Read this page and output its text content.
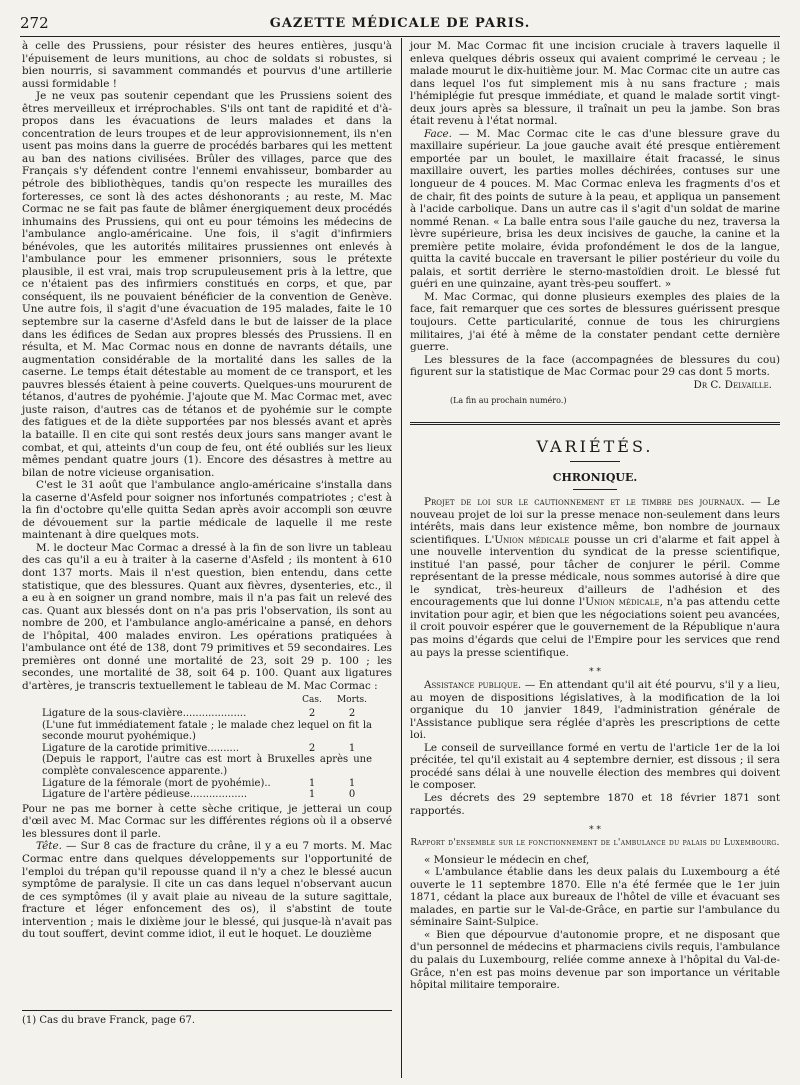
272	GAZETTE MÉDICALE DE PARIS.

à celle des Prussiens, pour résister des heures entières, jusqu'à l'épuisement de leurs munitions, au choc de soldats si robustes, si bien nourris, si savamment commandés et pourvus d'une artillerie aussi formidable !

Je ne veux pas soutenir cependant que les Prussiens soient des êtres merveilleux et irréprochables. S'ils ont tant de rapidité et d'à-propos dans les évacuations de leurs malades et dans la concentration de leurs troupes et de leur approvisionnement, ils n'en usent pas moins dans la guerre de procédés barbares qui les mettent au ban des nations civilisées. Brûler des villages, parce que des Français s'y défendent contre l'ennemi envahisseur, bombarder au pétrole des bibliothèques, tandis qu'on respecte les murailles des forteresses, ce sont là des actes déshonorants ; au reste, M. Mac Cormac ne se fait pas faute de blâmer énergiquement deux procédés inhumains des Prussiens, qui ont eu pour témoins les médecins de l'ambulance anglo-américaine. Une fois, il s'agit d'infirmiers bénévoles, que les autorités militaires prussiennes ont enlevés à l'ambulance pour les emmener prisonniers, sous le prétexte plausible, il est vrai, mais trop scrupuleusement pris à la lettre, que ce n'étaient pas des infirmiers constitués en corps, et que, par conséquent, ils ne pouvaient bénéficier de la convention de Genève. Une autre fois, il s'agit d'une évacuation de 195 malades, faite le 10 septembre sur la caserne d'Asfeld dans le but de laisser de la place dans les édifices de Sedan aux propres blessés des Prussiens. Il en résulta, et M. Mac Cormac nous en donne de navrants détails, une augmentation considérable de la mortalité dans les salles de la caserne. Le temps était détestable au moment de ce transport, et les pauvres blessés étaient à peine couverts. Quelques-uns moururent de tétanos, d'autres de pyohémie. J'ajoute que M. Mac Cormac met, avec juste raison, d'autres cas de tétanos et de pyohémie sur le compte des fatigues et de la diète supportées par nos blessés avant et après la bataille. Il en cite qui sont restés deux jours sans manger avant le combat, et qui, atteints d'un coup de feu, ont été oubliés sur les lieux mêmes pendant quatre jours (1). Encore des désastres à mettre au bilan de notre vicieuse organisation.

C'est le 31 août que l'ambulance anglo-américaine s'installa dans la caserne d'Asfeld pour soigner nos infortunés compatriotes ; c'est à la fin d'octobre qu'elle quitta Sedan après avoir accompli son œuvre de dévouement sur la partie médicale de laquelle il me reste maintenant à dire quelques mots.

M. le docteur Mac Cormac a dressé à la fin de son livre un tableau des cas qu'il a eu à traiter à la caserne d'Asfeld ; ils montent à 610 dont 137 morts. Mais il n'est question, bien entendu, dans cette statistique, que des blessures. Quant aux fièvres, dysenteries, etc., il a eu à en soigner un grand nombre, mais il n'a pas fait un relevé des cas. Quant aux blessés dont on n'a pas pris l'observation, ils sont au nombre de 200, et l'ambulance anglo-américaine a pansé, en dehors de l'hôpital, 400 malades environ. Les opérations pratiquées à l'ambulance ont été de 138, dont 79 primitives et 59 secondaires. Les premières ont donné une mortalité de 23, soit 29 p. 100 ; les secondes, une mortalité de 38, soit 64 p. 100. Quant aux ligatures d'artères, je transcris textuellement le tableau de M. Mac Cormac :

	Cas.	Morts.
Ligature de la sous-clavière....................	2	2
(L'une fut immédiatement fatale ; le malade chez lequel on fit la seconde mourut pyohémique.)		
Ligature de la carotide primitive..........	2	1
(Depuis le rapport, l'autre cas est mort à Bruxelles après une complète convalescence apparente.)		
Ligature de la fémorale (mort de pyohémie)..	1	1
Ligature de l'artère pédieuse..................	1	0

Pour ne pas me borner à cette sèche critique, je jetterai un coup d'œil avec M. Mac Cormac sur les différentes régions où il a observé les blessures dont il parle.

Tête. — Sur 8 cas de fracture du crâne, il y a eu 7 morts. M. Mac Cormac entre dans quelques développements sur l'opportunité de l'emploi du trépan qu'il repousse quand il n'y a chez le blessé aucun symptôme de paralysie. Il cite un cas dans lequel n'observant aucun de ces symptômes (il y avait plaie au niveau de la suture sagittale, fracture et léger enfoncement des os), il s'abstint de toute intervention ; mais le dixième jour le blessé, qui jusque-là n'avait pas du tout souffert, devint comme idiot, il eut le hoquet. Le douzième

(1) Cas du brave Franck, page 67.

jour M. Mac Cormac fit une incision cruciale à travers laquelle il enleva quelques débris osseux qui avaient comprimé le cerveau ; le malade mourut le dix-huitième jour. M. Mac Cormac cite un autre cas dans lequel l'os fut simplement mis à nu sans fracture ; mais l'hémiplégie fut presque immédiate, et quand le malade sortit vingt-deux jours après sa blessure, il traînait un peu la jambe. Son bras était revenu à l'état normal.

Face. — M. Mac Cormac cite le cas d'une blessure grave du maxillaire supérieur. La joue gauche avait été presque entièrement emportée par un boulet, le maxillaire était fracassé, le sinus maxillaire ouvert, les parties molles déchirées, contuses sur une longueur de 4 pouces. M. Mac Cormac enleva les fragments d'os et de chair, fit des points de suture à la peau, et appliqua un pansement à l'acide carbolique. Dans un autre cas il s'agit d'un soldat de marine nommé Renan. « La balle entra sous l'aile gauche du nez, traversa la lèvre supérieure, brisa les deux incisives de gauche, la canine et la première petite molaire, évida profondément le dos de la langue, quitta la cavité buccale en traversant le pilier postérieur du voile du palais, et sortit derrière le sterno-mastoïdien droit. Le blessé fut guéri en une quinzaine, ayant très-peu souffert. »

M. Mac Cormac, qui donne plusieurs exemples des plaies de la face, fait remarquer que ces sortes de blessures guérissent presque toujours. Cette particularité, connue de tous les chirurgiens militaires, j'ai été à même de la constater pendant cette dernière guerre.

Les blessures de la face (accompagnées de blessures du cou) figurent sur la statistique de Mac Cormac pour 29 cas dont 5 morts.

Dr C. Delvaille.
(La fin au prochain numéro.)
VARIÉTÉS.
CHRONIQUE.

Projet de loi sur le cautionnement et le timbre des journaux. — Le nouveau projet de loi sur la presse menace non-seulement dans leurs intérêts, mais dans leur existence même, bon nombre de journaux scientifiques. L'Union médicale pousse un cri d'alarme et fait appel à une nouvelle intervention du syndicat de la presse scientifique, institué l'an passé, pour tâcher de conjurer le péril. Comme représentant de la presse médicale, nous sommes autorisé à dire que le syndicat, très-heureux d'ailleurs de l'adhésion et des encouragements que lui donne l'Union médicale, n'a pas attendu cette invitation pour agir, et bien que les négociations soient peu avancées, il croit pouvoir espérer que le gouvernement de la République n'aura pas moins d'égards que celui de l'Empire pour les services que rend au pays la presse scientifique.

⁎ ⁎

Assistance publique. — En attendant qu'il ait été pourvu, s'il y a lieu, au moyen de dispositions législatives, à la modification de la loi organique du 10 janvier 1849, l'administration générale de l'Assistance publique sera réglée d'après les prescriptions de cette loi.

Le conseil de surveillance formé en vertu de l'article 1er de la loi précitée, tel qu'il existait au 4 septembre dernier, est dissous ; il sera procédé sans délai à une nouvelle élection des membres qui doivent le composer.

Les décrets des 29 septembre 1870 et 18 février 1871 sont rapportés.

⁎ ⁎
Rapport d'ensemble sur le fonctionnement de l'ambulance du palais du Luxembourg.

« Monsieur le médecin en chef,

« L'ambulance établie dans les deux palais du Luxembourg a été ouverte le 11 septembre 1870. Elle n'a été fermée que le 1er juin 1871, cédant la place aux bureaux de l'hôtel de ville et évacuant ses malades, en partie sur le Val-de-Grâce, en partie sur l'ambulance du séminaire Saint-Sulpice.

« Bien que dépourvue d'autonomie propre, et ne disposant que d'un personnel de médecins et pharmaciens civils requis, l'ambulance du palais du Luxembourg, reliée comme annexe à l'hôpital du Val-de-Grâce, n'en est pas moins devenue par son importance un véritable hôpital militaire temporaire.
